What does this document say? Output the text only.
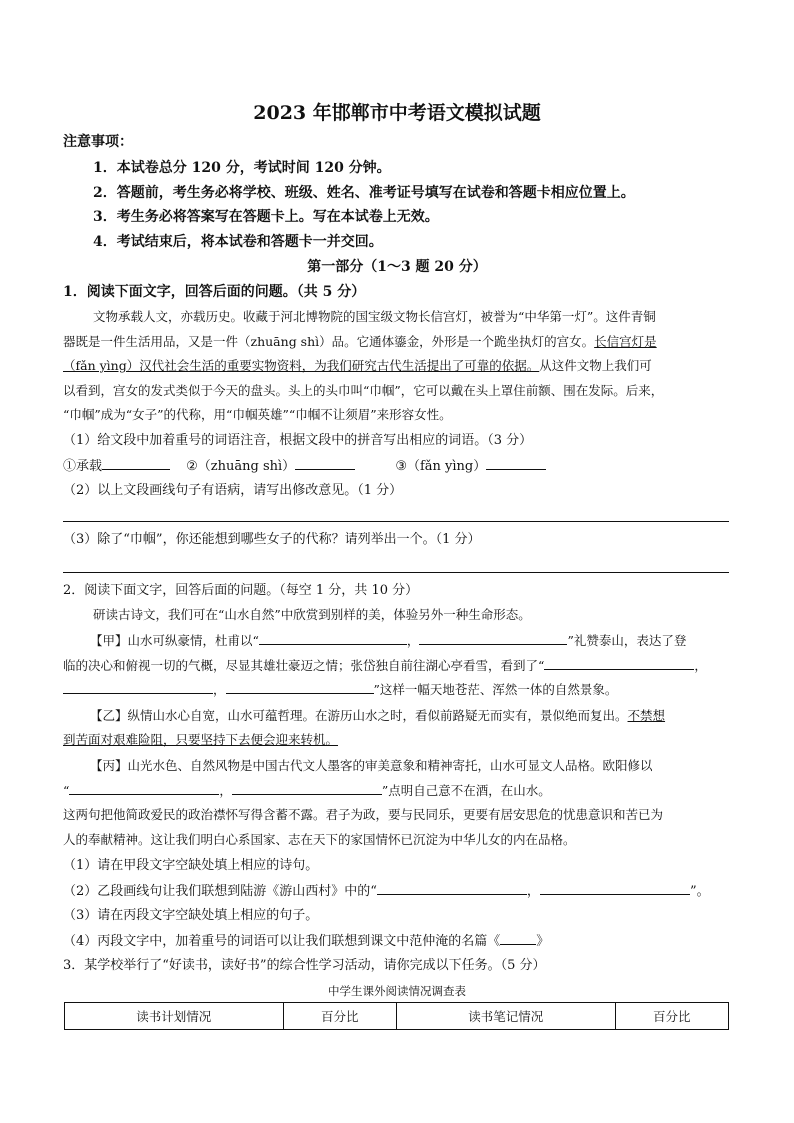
2023 年邯郸市中考语文模拟试题
注意事项：
1．本试卷总分 120 分，考试时间 120 分钟。
2．答题前，考生务必将学校、班级、姓名、准考证号填写在试卷和答题卡相应位置上。
3．考生务必将答案写在答题卡上。写在本试卷上无效。
4．考试结束后，将本试卷和答题卡一并交回。
第一部分（1～3 题 20 分）
1．阅读下面文字，回答后面的问题。（共 5 分）
文物承载人文，亦载历史。收藏于河北博物院的国宝级文物长信宫灯，被誉为“中华第一灯”。这件青铜
器既是一件生活用品，又是一件（zhuāng shì）品。它通体鎏金，外形是一个跪坐执灯的宫女。长信宫灯是
（fǎn yìng）汉代社会生活的重要实物资料，为我们研究古代生活提出了可靠的依据。从这件文物上我们可
以看到，宫女的发式类似于今天的盘头。头上的头巾叫“巾帼”，它可以戴在头上罩住前额、围在发际。后来，
“巾帼”成为“女子”的代称，用“巾帼英雄”“巾帼不让须眉”来形容女性。
（1）给文段中加着重号的词语注音，根据文段中的拼音写出相应的词语。（3 分）
①承载	②（zhuāng shì）	③（fǎn yìng）
（2）以上文段画线句子有语病，请写出修改意见。（1 分）
（3）除了“巾帼”，你还能想到哪些女子的代称？请列举出一个。（1 分）
2．阅读下面文字，回答后面的问题。（每空 1 分，共 10 分）
研读古诗文，我们可在“山水自然”中欣赏到别样的美，体验另外一种生命形态。
【甲】山水可纵豪情，杜甫以“	，	”礼赞泰山，表达了登
临的决心和俯视一切的气概，尽显其雄壮豪迈之情；张岱独自前往湖心亭看雪，看到了“	，
，	”这样一幅天地苍茫、浑然一体的自然景象。
【乙】纵情山水心自宽，山水可蕴哲理。在游历山水之时，看似前路疑无而实有，景似绝而复出。不禁想
到苦面对艰难险阻，只要坚持下去便会迎来转机。
【丙】山光水色、自然风物是中国古代文人墨客的审美意象和精神寄托，山水可显文人品格。欧阳修以
“	，	”点明自己意不在酒，在山水。
这两句把他简政爱民的政治襟怀写得含蓄不露。君子为政，要与民同乐，更要有居安思危的忧患意识和苦已为
人的奉献精神。这让我们明白心系国家、志在天下的家国情怀已沉淀为中华儿女的内在品格。
（1）请在甲段文字空缺处填上相应的诗句。
（2）乙段画线句让我们联想到陆游《游山西村》中的“	，	”。
（3）请在丙段文字空缺处填上相应的句子。
（4）丙段文字中，加着重号的词语可以让我们联想到课文中范仲淹的名篇《	》
3．某学校举行了“好读书，读好书”的综合性学习活动，请你完成以下任务。（5 分）
中学生课外阅读情况调查表
读书计划情况	百分比	读书笔记情况	百分比
